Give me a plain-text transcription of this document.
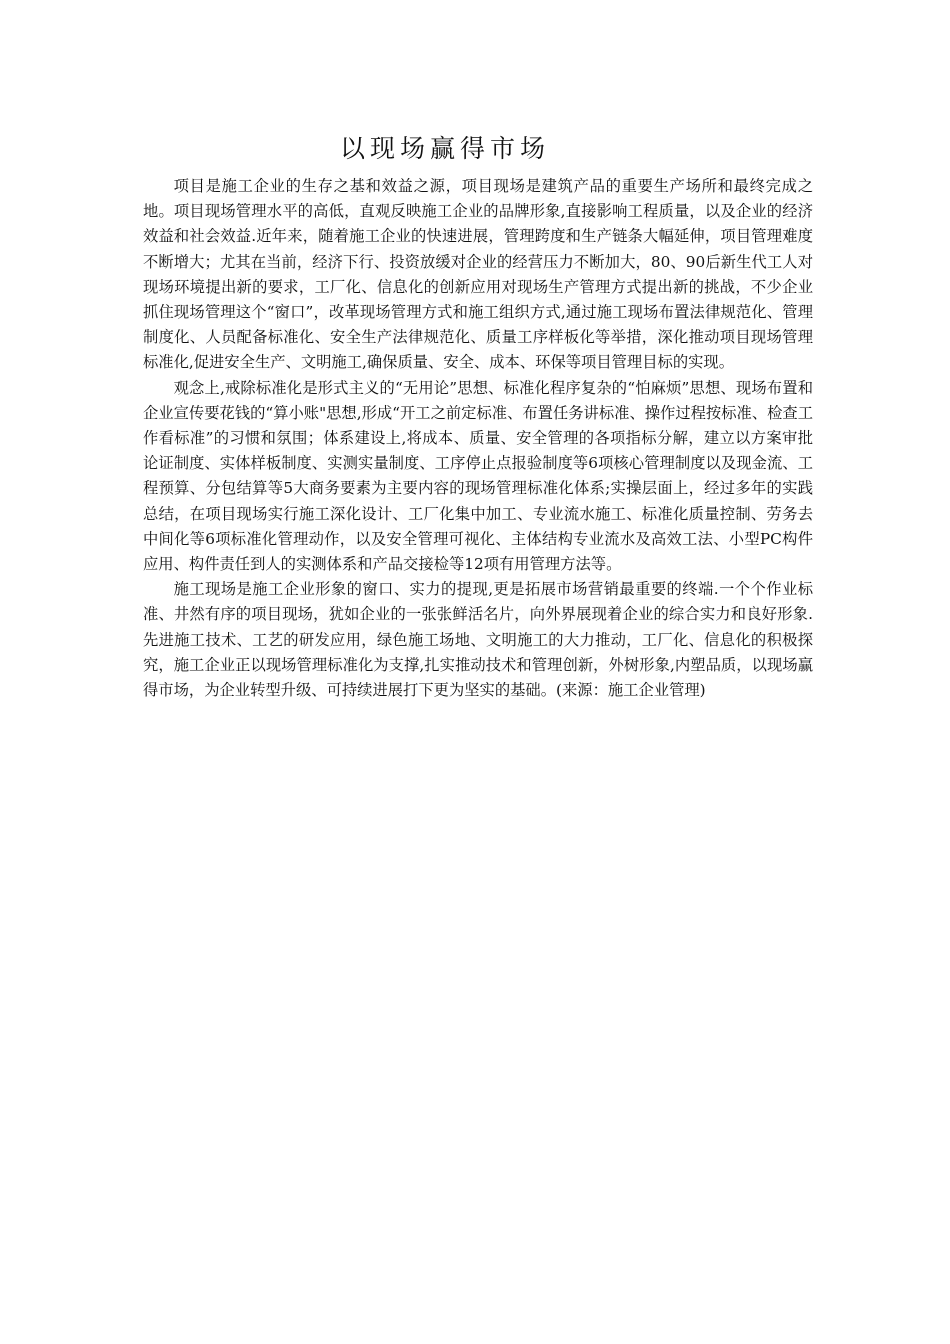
以现场赢得市场

项目是施工企业的生存之基和效益之源，项目现场是建筑产品的重要生产场所和最终完成之地。项目现场管理水平的高低，直观反映施工企业的品牌形象,直接影响工程质量，以及企业的经济效益和社会效益.近年来，随着施工企业的快速进展，管理跨度和生产链条大幅延伸，项目管理难度不断增大；尤其在当前，经济下行、投资放缓对企业的经营压力不断加大，80、90后新生代工人对现场环境提出新的要求，工厂化、信息化的创新应用对现场生产管理方式提出新的挑战，不少企业抓住现场管理这个“窗口”，改革现场管理方式和施工组织方式,通过施工现场布置法律规范化、管理制度化、人员配备标准化、安全生产法律规范化、质量工序样板化等举措，深化推动项目现场管理标准化,促进安全生产、文明施工,确保质量、安全、成本、环保等项目管理目标的实现。

观念上,戒除标准化是形式主义的“无用论”思想、标准化程序复杂的“怕麻烦”思想、现场布置和企业宣传要花钱的“算小账"思想,形成“开工之前定标准、布置任务讲标准、操作过程按标准、检查工作看标准”的习惯和氛围；体系建设上,将成本、质量、安全管理的各项指标分解，建立以方案审批论证制度、实体样板制度、实测实量制度、工序停止点报验制度等6项核心管理制度以及现金流、工程预算、分包结算等5大商务要素为主要内容的现场管理标准化体系;实操层面上，经过多年的实践总结，在项目现场实行施工深化设计、工厂化集中加工、专业流水施工、标准化质量控制、劳务去中间化等6项标准化管理动作，以及安全管理可视化、主体结构专业流水及高效工法、小型PC构件应用、构件责任到人的实测体系和产品交接检等12项有用管理方法等。

施工现场是施工企业形象的窗口、实力的提现,更是拓展市场营销最重要的终端.一个个作业标准、井然有序的项目现场，犹如企业的一张张鲜活名片，向外界展现着企业的综合实力和良好形象.先进施工技术、工艺的研发应用，绿色施工场地、文明施工的大力推动，工厂化、信息化的积极探究，施工企业正以现场管理标准化为支撑,扎实推动技术和管理创新，外树形象,内塑品质，以现场赢得市场，为企业转型升级、可持续进展打下更为坚实的基础。(来源：施工企业管理)
